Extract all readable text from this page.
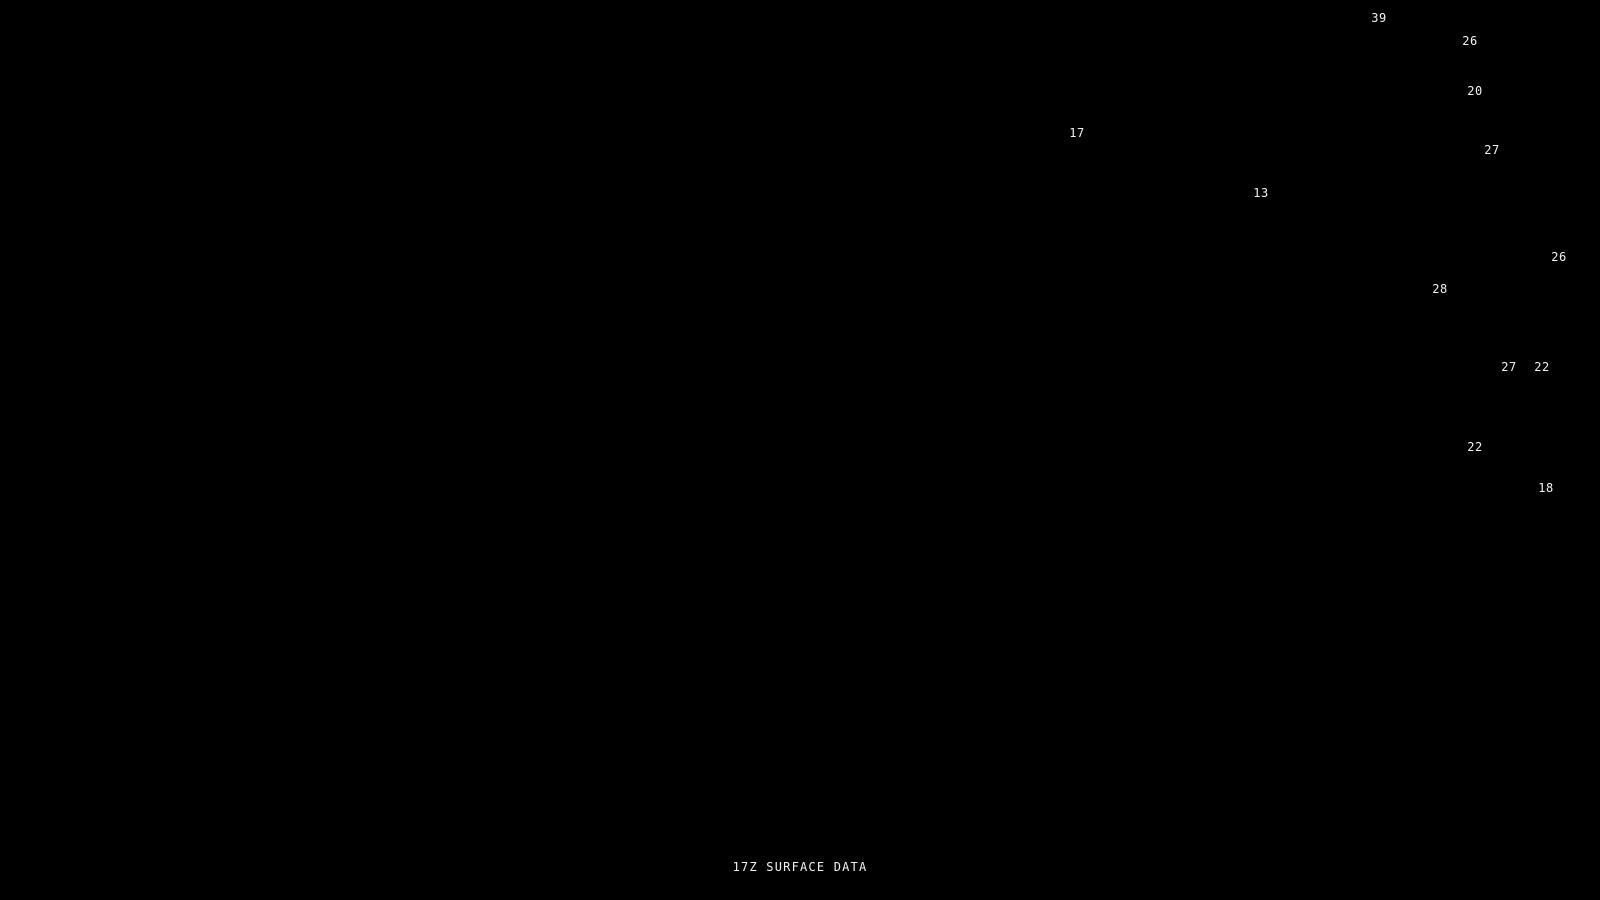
39
26
20
17
27
13
26
28
27 22
22
18
17Z SURFACE DATA
